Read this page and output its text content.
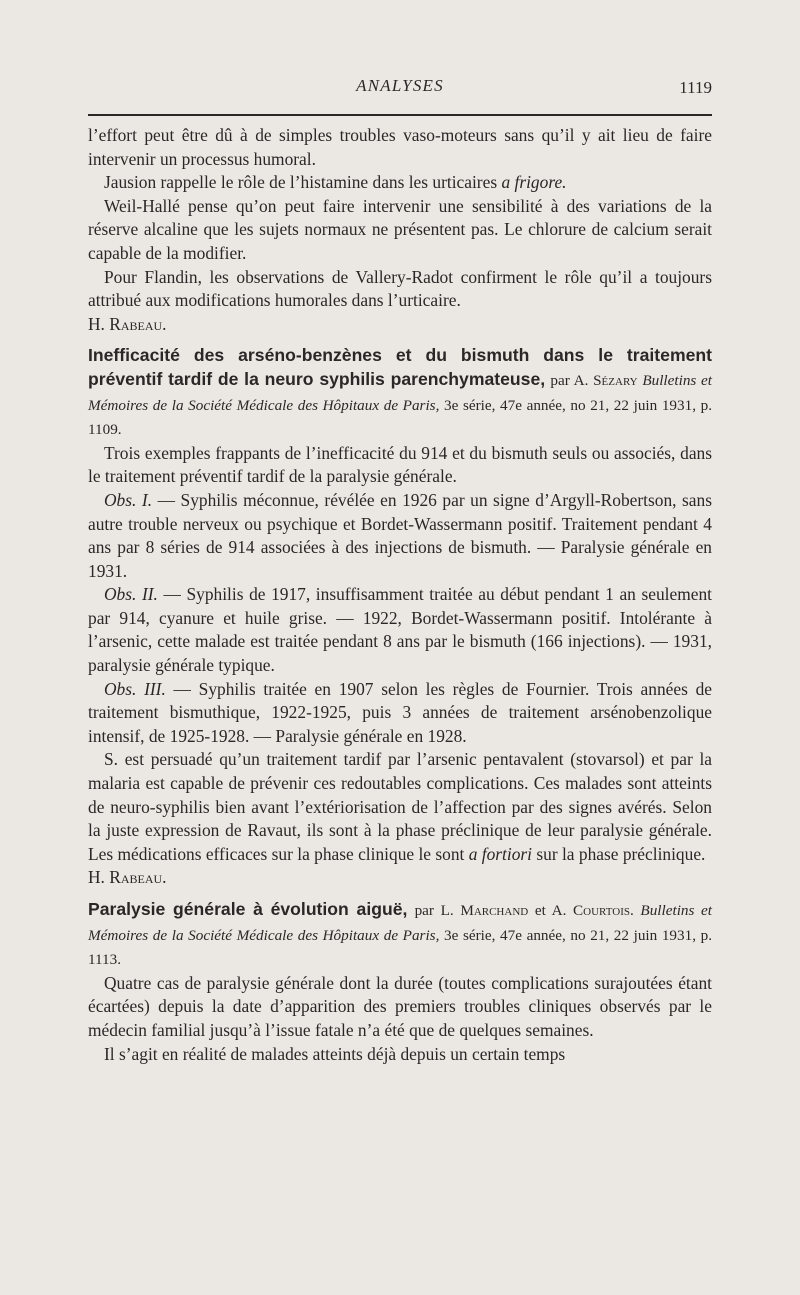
ANALYSES	1119

l’effort peut être dû à de simples troubles vaso-moteurs sans qu’il y ait lieu de faire intervenir un processus humoral.

Jausion rappelle le rôle de l’histamine dans les urticaires a frigore.

Weil-Hallé pense qu’on peut faire intervenir une sensibilité à des variations de la réserve alcaline que les sujets normaux ne présentent pas. Le chlorure de calcium serait capable de la modifier.

Pour Flandin, les observations de Vallery-Radot confirment le rôle qu’il a toujours attribué aux modifications humorales dans l’urticaire.

H. Rabeau.

Inefficacité des arséno-benzènes et du bismuth dans le traitement préventif tardif de la neuro syphilis parenchymateuse, par A. Sézary Bulletins et Mémoires de la Société Médicale des Hôpitaux de Paris, 3e série, 47e année, no 21, 22 juin 1931, p. 1109.

Trois exemples frappants de l’inefficacité du 914 et du bismuth seuls ou associés, dans le traitement préventif tardif de la paralysie générale.

Obs. I. — Syphilis méconnue, révélée en 1926 par un signe d’Argyll-Robertson, sans autre trouble nerveux ou psychique et Bordet-Wassermann positif. Traitement pendant 4 ans par 8 séries de 914 associées à des injections de bismuth. — Paralysie générale en 1931.

Obs. II. — Syphilis de 1917, insuffisamment traitée au début pendant 1 an seulement par 914, cyanure et huile grise. — 1922, Bordet-Wassermann positif. Intolérante à l’arsenic, cette malade est traitée pendant 8 ans par le bismuth (166 injections). — 1931, paralysie générale typique.

Obs. III. — Syphilis traitée en 1907 selon les règles de Fournier. Trois années de traitement bismuthique, 1922-1925, puis 3 années de traitement arsénobenzolique intensif, de 1925-1928. — Paralysie générale en 1928.

S. est persuadé qu’un traitement tardif par l’arsenic pentavalent (stovarsol) et par la malaria est capable de prévenir ces redoutables complications. Ces malades sont atteints de neuro-syphilis bien avant l’extériorisation de l’affection par des signes avérés. Selon la juste expression de Ravaut, ils sont à la phase préclinique de leur paralysie générale. Les médications efficaces sur la phase clinique le sont a fortiori sur la phase préclinique.

H. Rabeau.

Paralysie générale à évolution aiguë, par L. Marchand et A. Courtois. Bulletins et Mémoires de la Société Médicale des Hôpitaux de Paris, 3e série, 47e année, no 21, 22 juin 1931, p. 1113.

Quatre cas de paralysie générale dont la durée (toutes complications surajoutées étant écartées) depuis la date d’apparition des premiers troubles cliniques observés par le médecin familial jusqu’à l’issue fatale n’a été que de quelques semaines.

Il s’agit en réalité de malades atteints déjà depuis un certain temps
